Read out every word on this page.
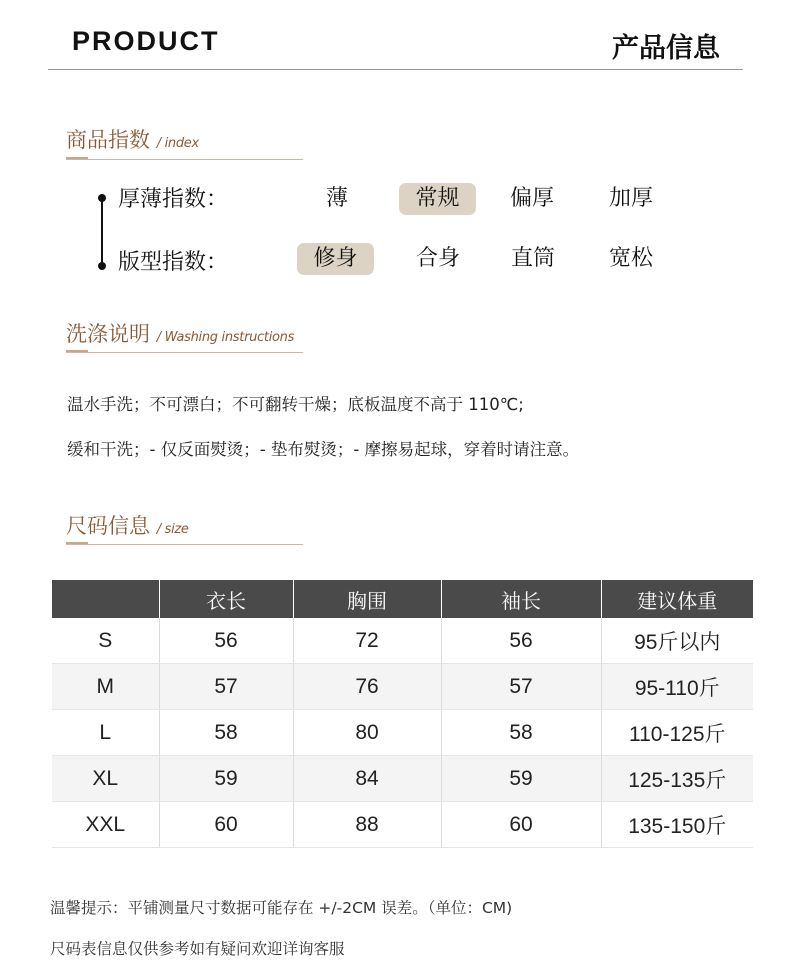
PRODUCT	产品信息
商品指数 / index
厚薄指数：	薄	常规	偏厚	加厚
版型指数：	修身	合身	直筒	宽松
洗涤说明 / Washing instructions
温水手洗；不可漂白；不可翻转干燥；底板温度不高于 110℃;
缓和干洗；- 仅反面熨烫；- 垫布熨烫；- 摩擦易起球，穿着时请注意。
尺码信息 / size
	衣长	胸围	袖长	建议体重
S	56	72	56	95斤以内
M	57	76	57	95-110斤
L	58	80	58	110-125斤
XL	59	84	59	125-135斤
XXL	60	88	60	135-150斤
温馨提示：平铺测量尺寸数据可能存在 +/-2CM 误差。（单位：CM)
尺码表信息仅供参考如有疑问欢迎详询客服
